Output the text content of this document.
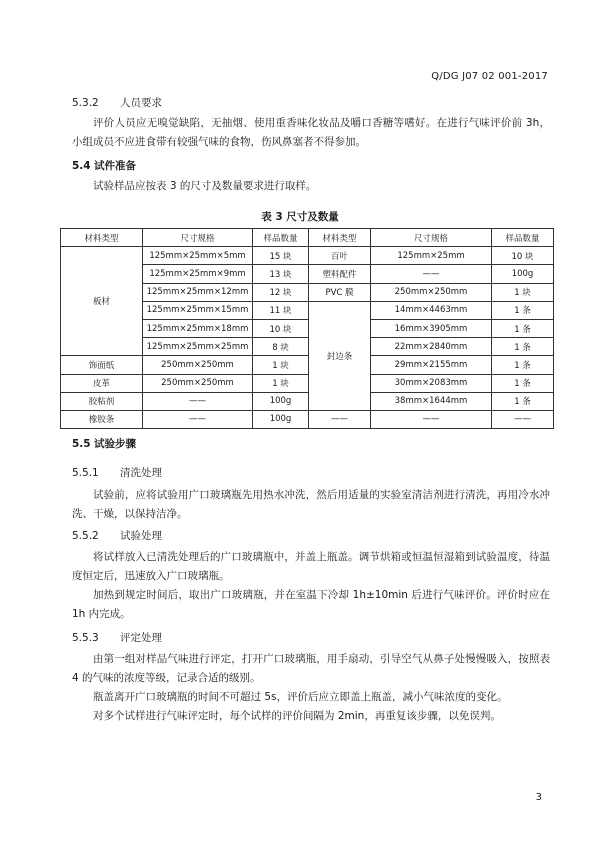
Q/DG J07 02 001-2017
5.3.2 人员要求
评价人员应无嗅觉缺陷，无抽烟、使用重香味化妆品及嚼口香糖等嗜好。在进行气味评价前 3h，小组成员不应进食带有较强气味的食物，伤风鼻塞者不得参加。
5.4 试件准备
试验样品应按表 3 的尺寸及数量要求进行取样。
表 3 尺寸及数量
材料类型	尺寸规格	样品数量	材料类型	尺寸规格	样品数量
板材	125mm×25mm×5mm	15 块	百叶	125mm×25mm	10 块
	125mm×25mm×9mm	13 块	塑料配件	——	100g
	125mm×25mm×12mm	12 块	PVC 膜	250mm×250mm	1 块
	125mm×25mm×15mm	11 块	封边条	14mm×4463mm	1 条
	125mm×25mm×18mm	10 块		16mm×3905mm	1 条
	125mm×25mm×25mm	8 块		22mm×2840mm	1 条
饰面纸	250mm×250mm	1 块		29mm×2155mm	1 条
皮革	250mm×250mm	1 块		30mm×2083mm	1 条
胶粘剂	——	100g		38mm×1644mm	1 条
橡胶条	——	100g	——	——	——
5.5 试验步骤
5.5.1 清洗处理
试验前，应将试验用广口玻璃瓶先用热水冲洗，然后用适量的实验室清洁剂进行清洗，再用冷水冲洗、干燥，以保持洁净。
5.5.2 试验处理
将试样放入已清洗处理后的广口玻璃瓶中，并盖上瓶盖。调节烘箱或恒温恒湿箱到试验温度，待温度恒定后，迅速放入广口玻璃瓶。
加热到规定时间后，取出广口玻璃瓶，并在室温下冷却 1h±10min 后进行气味评价。评价时应在 1h 内完成。
5.5.3 评定处理
由第一组对样品气味进行评定，打开广口玻璃瓶，用手扇动，引导空气从鼻子处慢慢吸入，按照表 4 的气味的浓度等级，记录合适的级别。
瓶盖离开广口玻璃瓶的时间不可超过 5s，评价后应立即盖上瓶盖，减小气味浓度的变化。
对多个试样进行气味评定时，每个试样的评价间隔为 2min，再重复该步骤，以免误判。
3
